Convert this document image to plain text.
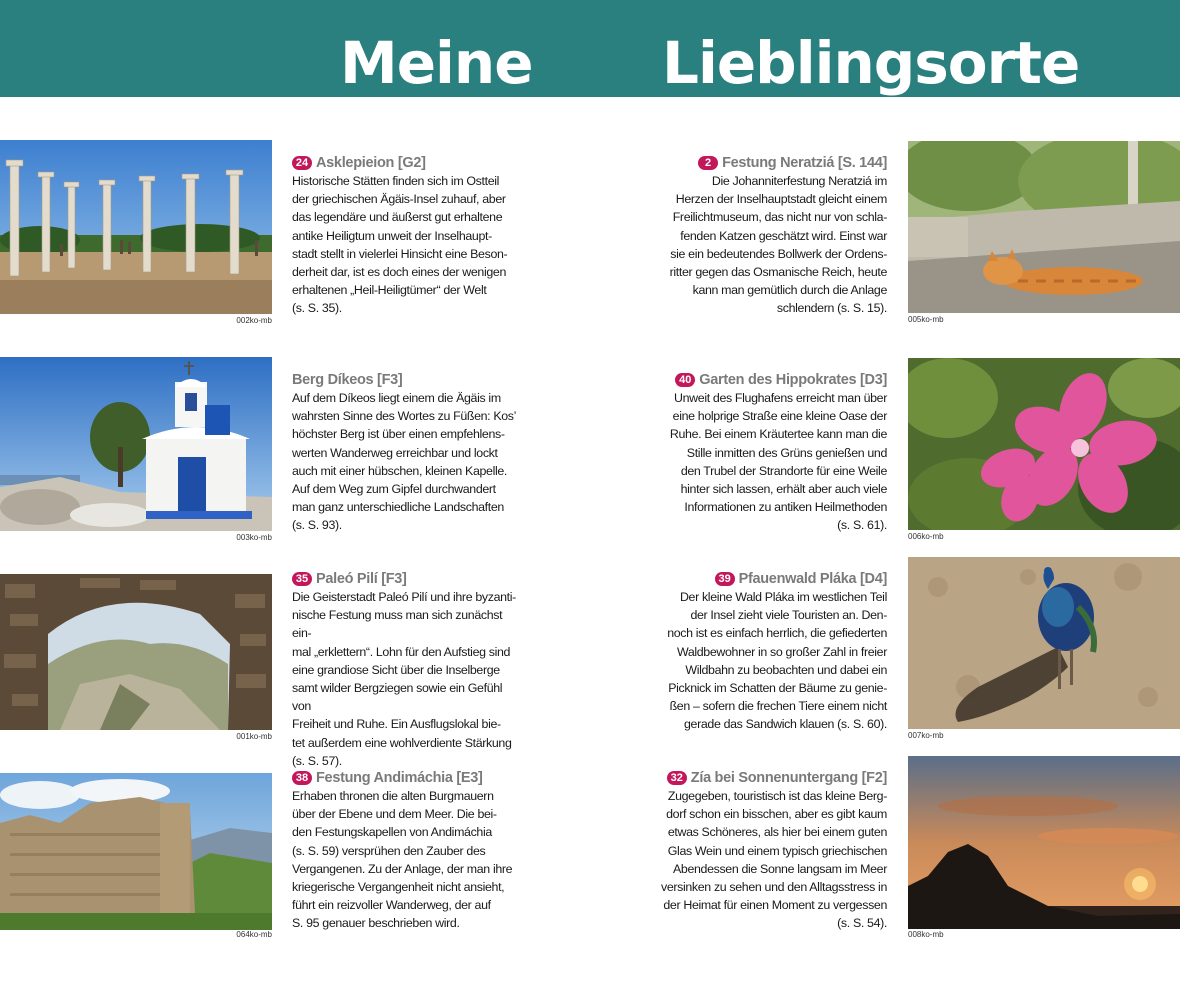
Meine Lieblingsorte
002ko-mb
24 Asklepieion [G2]
Historische Stätten finden sich im Ostteil
der griechischen Ägäis-Insel zuhauf, aber
das legendäre und äußerst gut erhaltene
antike Heiligtum unweit der Inselhaupt-
stadt stellt in vielerlei Hinsicht eine Beson-
derheit dar, ist es doch eines der wenigen
erhaltenen „Heil-Heiligtümer“ der Welt
(s. S. 35).
003ko-mb
Berg Díkeos [F3]
Auf dem Díkeos liegt einem die Ägäis im
wahrsten Sinne des Wortes zu Füßen: Kos’
höchster Berg ist über einen empfehlens-
werten Wanderweg erreichbar und lockt
auch mit einer hübschen, kleinen Kapelle.
Auf dem Weg zum Gipfel durchwandert
man ganz unterschiedliche Landschaften
(s. S. 93).
001ko-mb
35 Paleó Pilí [F3]
Die Geisterstadt Paleó Pilí und ihre byzanti-
nische Festung muss man sich zunächst ein-
mal „erklettern“. Lohn für den Aufstieg sind
eine grandiose Sicht über die Inselberge
samt wilder Bergziegen sowie ein Gefühl von
Freiheit und Ruhe. Ein Ausflugslokal bie-
tet außerdem eine wohlverdiente Stärkung
(s. S. 57).
064ko-mb
38 Festung Andimáchia [E3]
Erhaben thronen die alten Burgmauern
über der Ebene und dem Meer. Die bei-
den Festungskapellen von Andimáchia
(s. S. 59) versprühen den Zauber des
Vergangenen. Zu der Anlage, der man ihre
kriegerische Vergangenheit nicht ansieht,
führt ein reizvoller Wanderweg, der auf
S. 95 genauer beschrieben wird.
2 Festung Neratziá [S. 144]
Die Johanniterfestung Neratziá im
Herzen der Inselhauptstadt gleicht einem
Freilichtmuseum, das nicht nur von schla-
fenden Katzen geschätzt wird. Einst war
sie ein bedeutendes Bollwerk der Ordens-
ritter gegen das Osmanische Reich, heute
kann man gemütlich durch die Anlage
schlendern (s. S. 15).
005ko-mb
40 Garten des Hippokrates [D3]
Unweit des Flughafens erreicht man über
eine holprige Straße eine kleine Oase der
Ruhe. Bei einem Kräutertee kann man die
Stille inmitten des Grüns genießen und
den Trubel der Strandorte für eine Weile
hinter sich lassen, erhält aber auch viele
Informationen zu antiken Heilmethoden
(s. S. 61).
006ko-mb
39 Pfauenwald Pláka [D4]
Der kleine Wald Pláka im westlichen Teil
der Insel zieht viele Touristen an. Den-
noch ist es einfach herrlich, die gefiederten
Waldbewohner in so großer Zahl in freier
Wildbahn zu beobachten und dabei ein
Picknick im Schatten der Bäume zu genie-
ßen – sofern die frechen Tiere einem nicht
gerade das Sandwich klauen (s. S. 60).
007ko-mb
32 Zía bei Sonnenuntergang [F2]
Zugegeben, touristisch ist das kleine Berg-
dorf schon ein bisschen, aber es gibt kaum
etwas Schöneres, als hier bei einem guten
Glas Wein und einem typisch griechischen
Abendessen die Sonne langsam im Meer
versinken zu sehen und den Alltagsstress in
der Heimat für einen Moment zu vergessen
(s. S. 54).
008ko-mb
